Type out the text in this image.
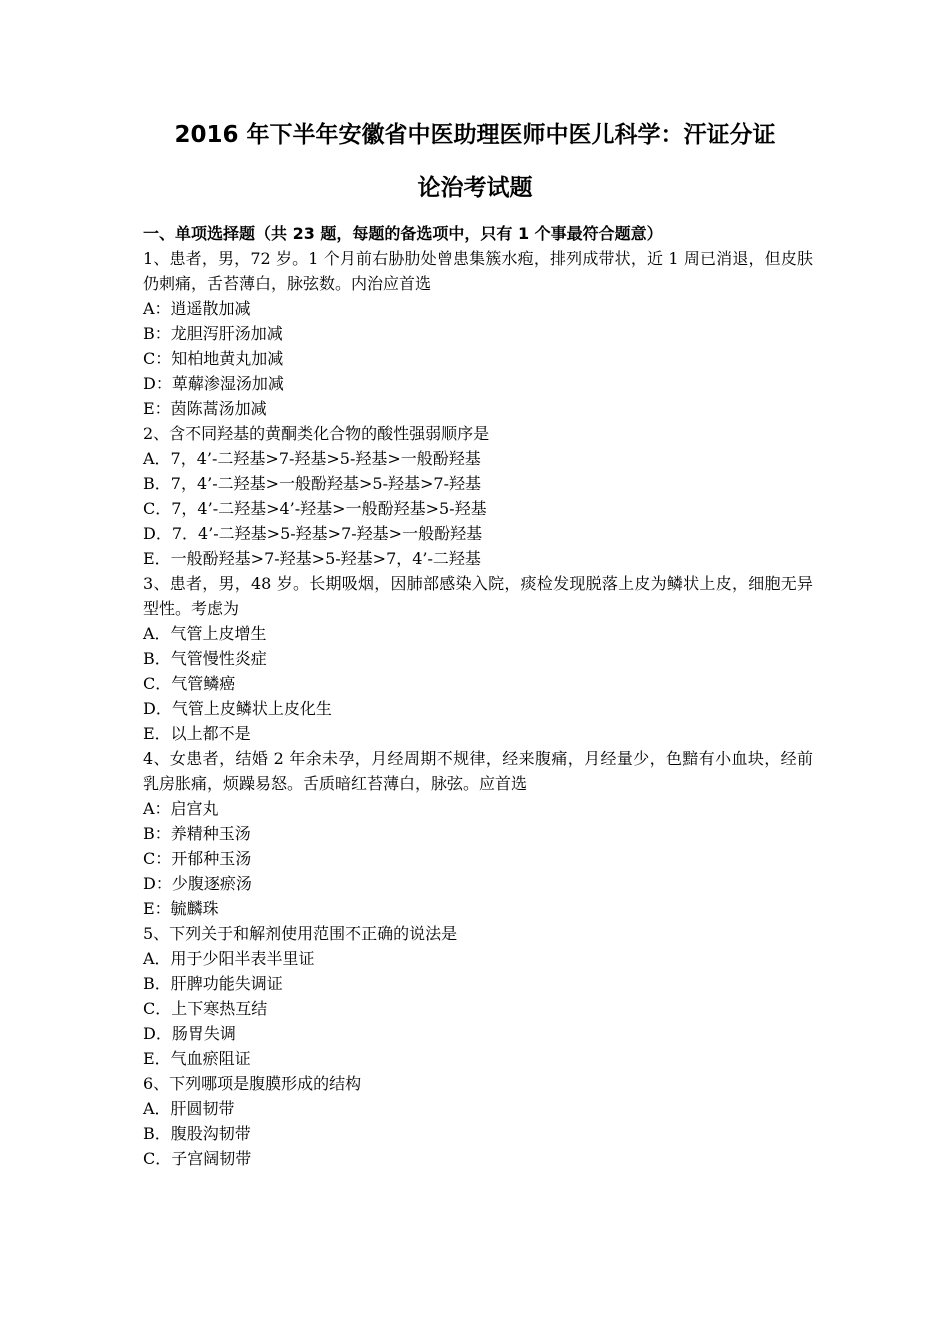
2016 年下半年安徽省中医助理医师中医儿科学：汗证分证
论治考试题
一、单项选择题（共 23 题，每题的备选项中，只有 1 个事最符合题意）
1、患者，男，72 岁。1 个月前右胁肋处曾患集簇水疱，排列成带状，近 1 周已消退，但皮肤仍刺痛，舌苔薄白，脉弦数。内治应首选
A：逍遥散加减
B：龙胆泻肝汤加减
C：知柏地黄丸加减
D：萆薢渗湿汤加减
E：茵陈蒿汤加减
2、含不同羟基的黄酮类化合物的酸性强弱顺序是
A．7，4’-二羟基>7-羟基>5-羟基>一般酚羟基
B．7，4’-二羟基>一般酚羟基>5-羟基>7-羟基
C．7，4’-二羟基>4’-羟基>一般酚羟基>5-羟基
D．7．4’-二羟基>5-羟基>7-羟基>一般酚羟基
E．一般酚羟基>7-羟基>5-羟基>7，4’-二羟基
3、患者，男，48 岁。长期吸烟，因肺部感染入院，痰检发现脱落上皮为鳞状上皮，细胞无异型性。考虑为
A．气管上皮增生
B．气管慢性炎症
C．气管鳞癌
D．气管上皮鳞状上皮化生
E．以上都不是
4、女患者，结婚 2 年余未孕，月经周期不规律，经来腹痛，月经量少，色黯有小血块，经前乳房胀痛，烦躁易怒。舌质暗红苔薄白，脉弦。应首选
A：启宫丸
B：养精种玉汤
C：开郁种玉汤
D：少腹逐瘀汤
E：毓麟珠
5、下列关于和解剂使用范围不正确的说法是
A．用于少阳半表半里证
B．肝脾功能失调证
C．上下寒热互结
D．肠胃失调
E．气血瘀阻证
6、下列哪项是腹膜形成的结构
A．肝圆韧带
B．腹股沟韧带
C．子宫阔韧带
